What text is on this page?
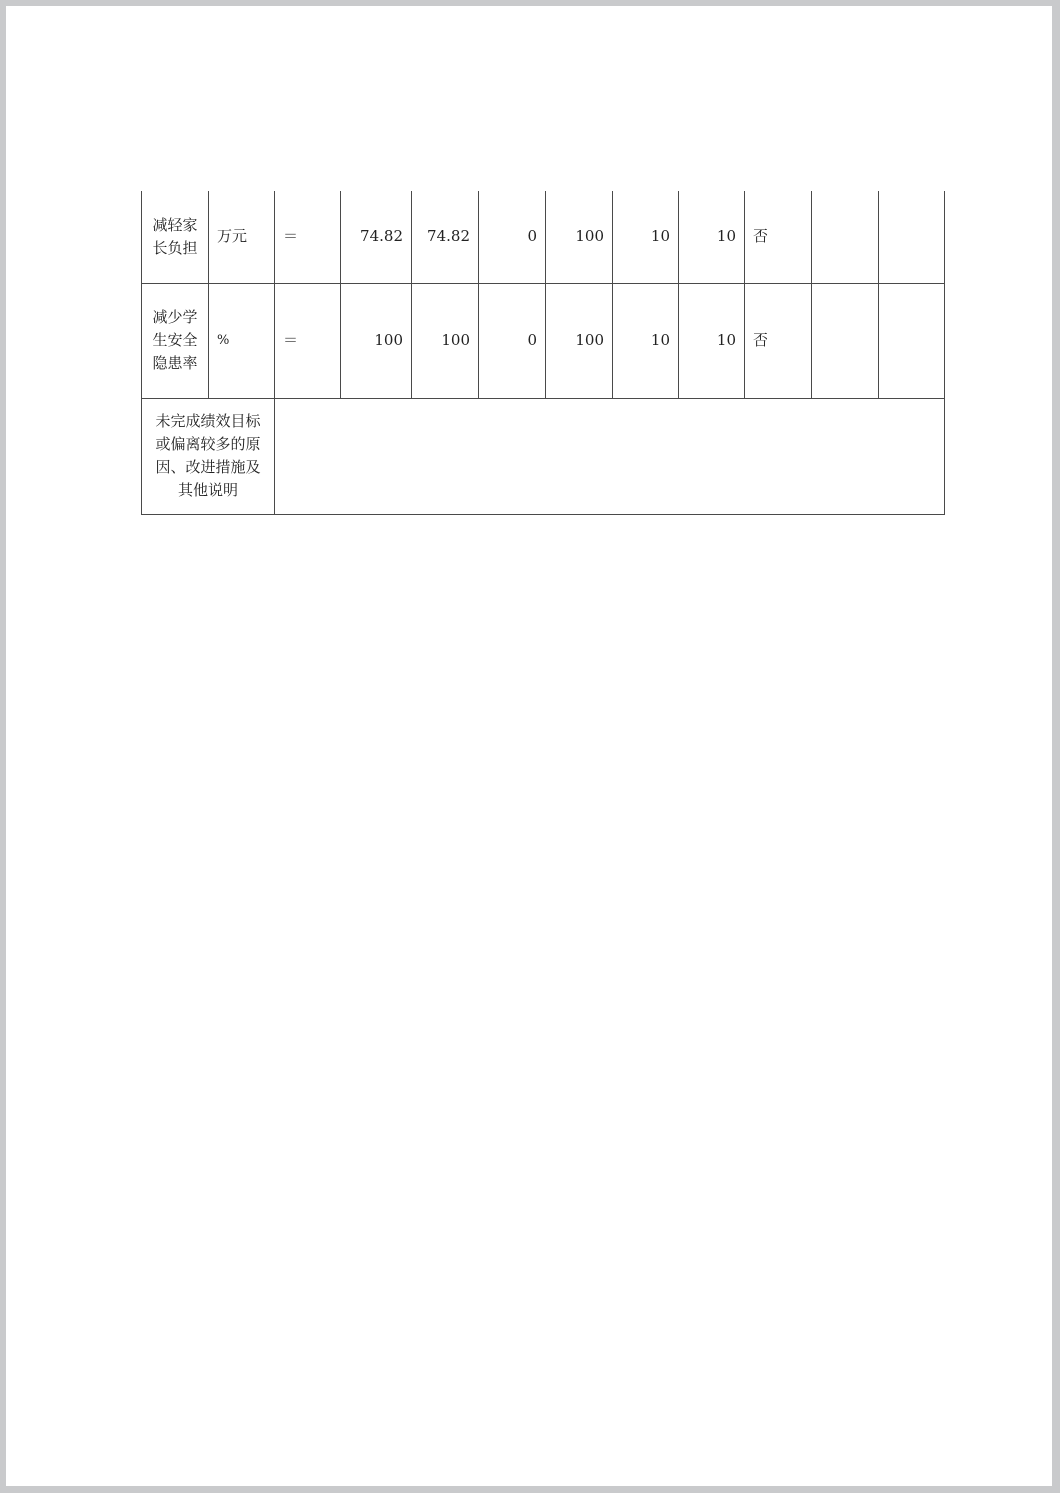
减轻家长负担	万元	＝	74.82	74.82	0	100	10	10	否		
减少学生安全隐患率	%	＝	100	100	0	100	10	10	否		
未完成绩效目标或偏离较多的原因、改进措施及其他说明											
